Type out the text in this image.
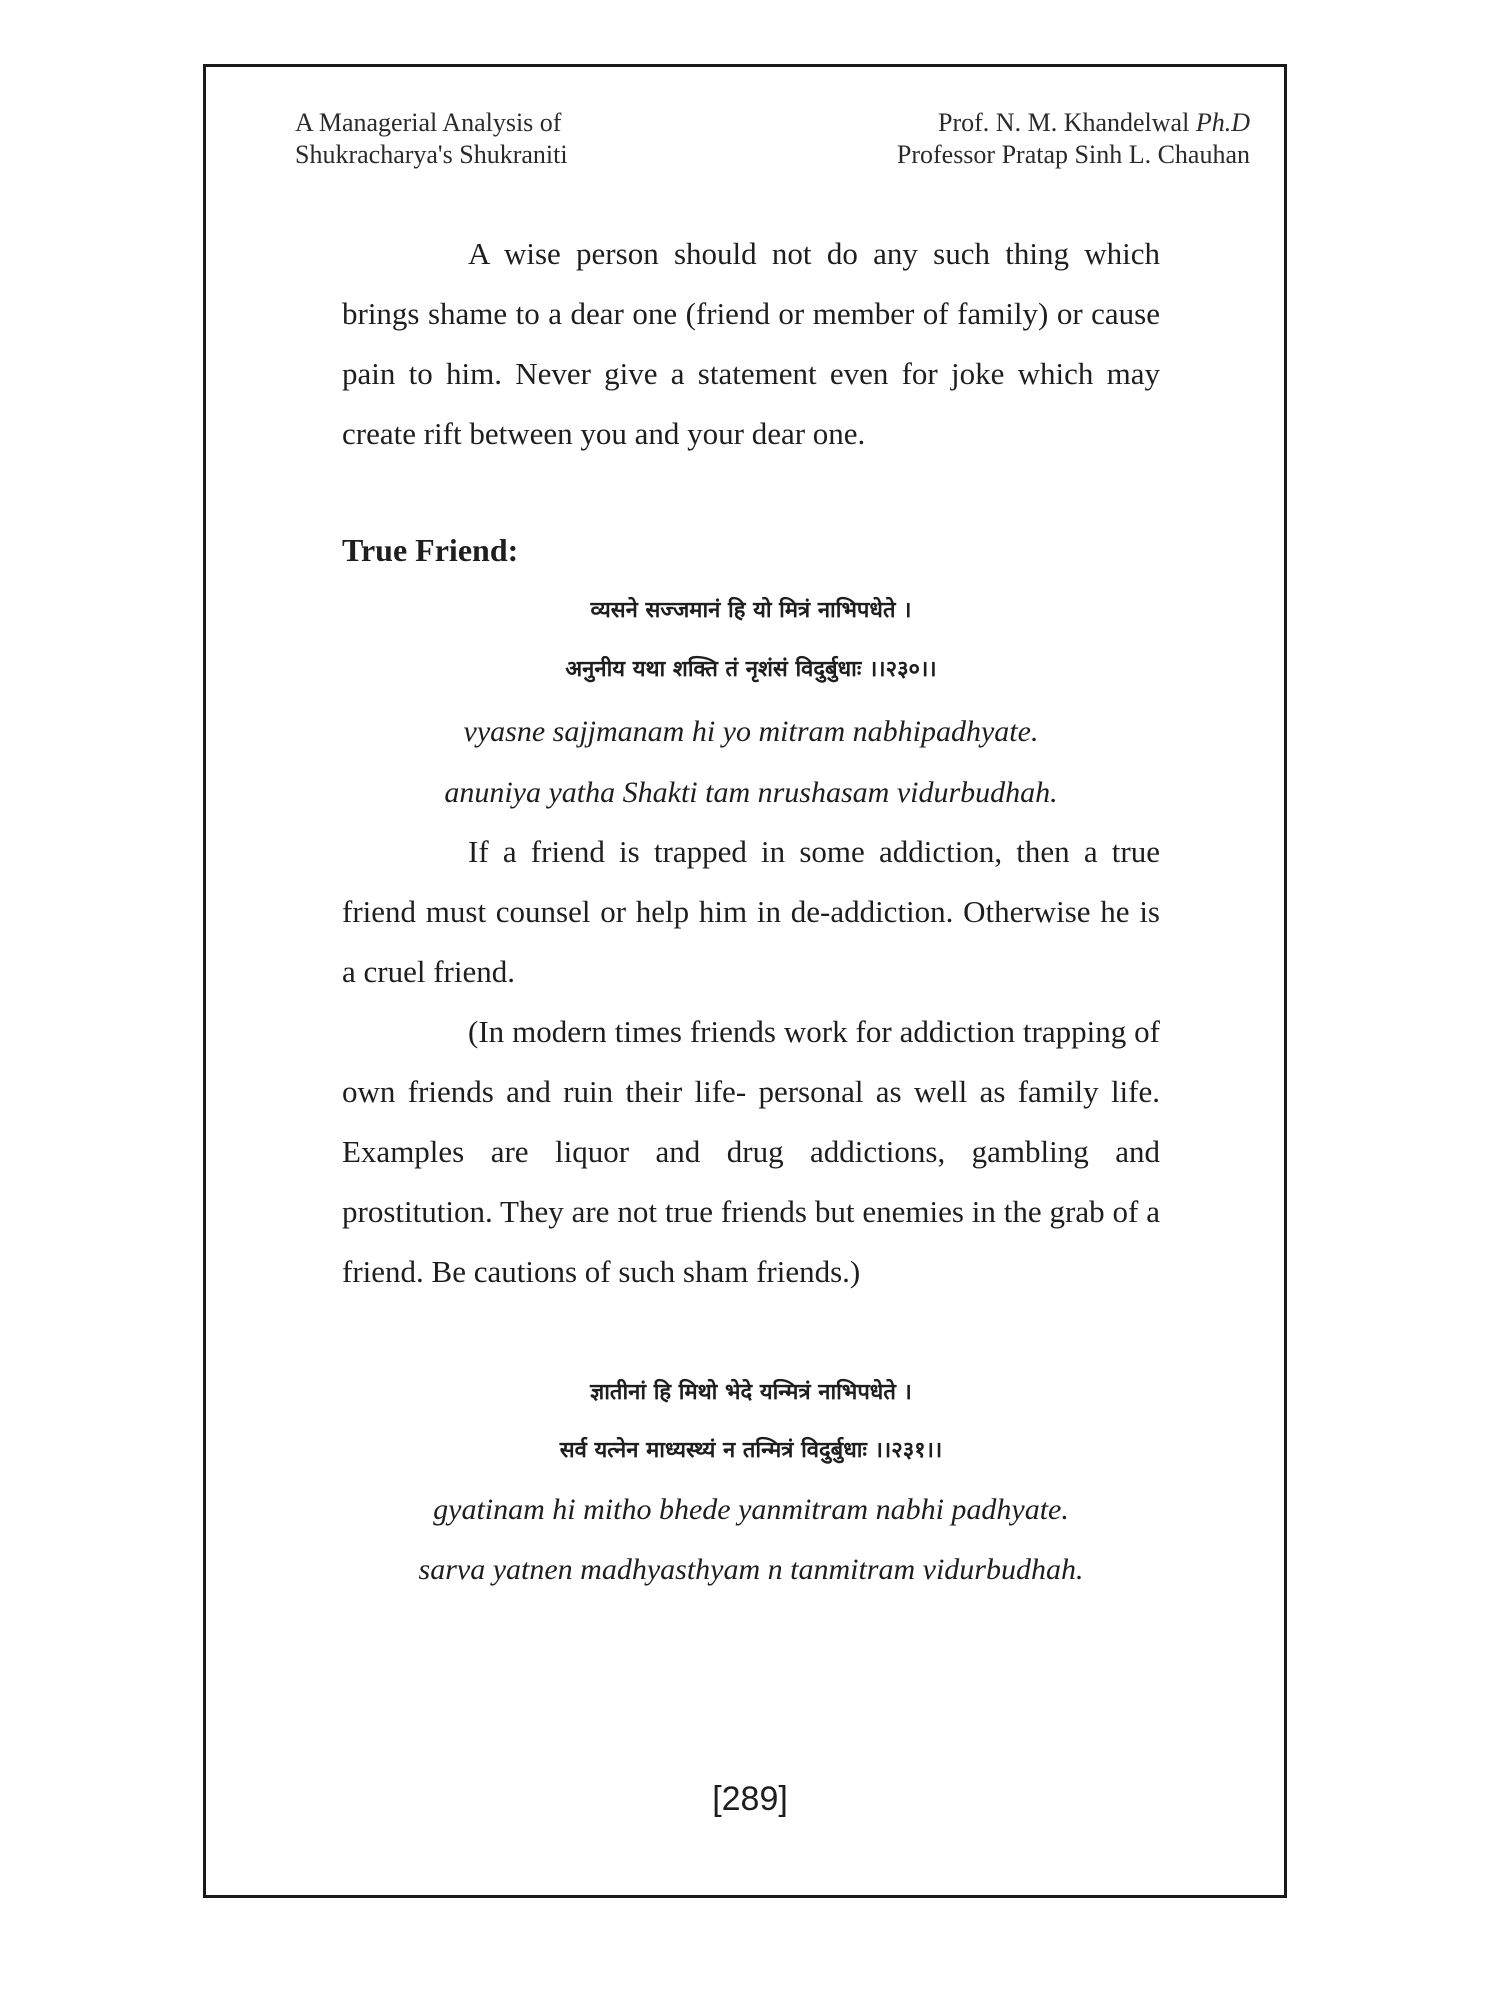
A Managerial Analysis of
Shukracharya's Shukraniti
Prof. N. M. Khandelwal Ph.D
Professor Pratap Sinh L. Chauhan

A wise person should not do any such thing which brings shame to a dear one (friend or member of family) or cause pain to him. Never give a statement even for joke which may create rift between you and your dear one.

True Friend:
व्यसने सज्जमानं हि यो मित्रं नाभिपधेते ।
अनुनीय यथा शक्ति तं नृशंसं विदुर्बुधाः ।।२३०।।
vyasne sajjmanam hi yo mitram nabhipadhyate.
anuniya yatha Shakti tam nrushasam vidurbudhah.

If a friend is trapped in some addiction, then a true friend must counsel or help him in de-addiction. Otherwise he is a cruel friend.

(In modern times friends work for addiction trapping of own friends and ruin their life- personal as well as family life. Examples are liquor and drug addictions, gambling and prostitution. They are not true friends but enemies in the grab of a friend. Be cautions of such sham friends.)

ज्ञातीनां हि मिथो भेदे यन्मित्रं नाभिपधेते ।
सर्व यत्नेन माध्यस्थ्यं न तन्मित्रं विदुर्बुधाः ।।२३१।।
gyatinam hi mitho bhede yanmitram nabhi padhyate.
sarva yatnen madhyasthyam n tanmitram vidurbudhah.
[289]
